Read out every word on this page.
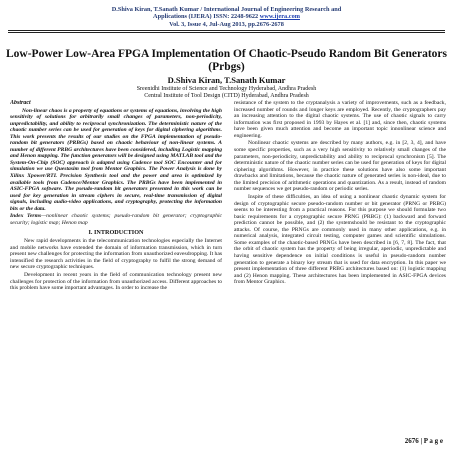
D.Shiva Kiran, T.Sanath Kumar / International Journal of Engineering Research and
Applications (IJERA) ISSN: 2248-9622 www.ijera.com
Vol. 3, Issue 4, Jul-Aug 2013, pp.2676-2678
Low-Power Low-Area FPGA Implementation Of Chaotic-Pseudo Random Bit Generators (Prbgs)
D.Shiva Kiran, T.Sanath Kumar
Sreenidhi Institute of Science and Technology Hyderabad, Andhra Pradesh
Central Institute of Tool Design (CITD) Hyderabad, Andhra Pradesh
Abstract

Non-linear chaos is a property of equations or systems of equations, involving the high sensitivity of solutions for arbitrarily small changes of parameters, non-periodicity, unpredictability, and ability to reciprocal synchronization. The deterministic nature of the chaotic number series can be used for generation of keys for digital ciphering algorithms. This work presents the results of our studies on the FPGA implementation of pseudo-random bit generators (PRBGs) based on chaotic behaviour of non-linear systems. A number of different PRBG architectures have been considered, including Logistic mapping and Henon mapping. The function generators will be designed using MATLAB tool and the System-On-Chip (SOC) approach is adapted using Cadence tool SOC Encounter and for simulation we use Questasim tool from Mentor Graphics. The Power Analysis is done by Xilinx Xpower/RTL Precision Synthesis tool and the power and area is optimized by available tools from Cadence/Mentor Graphics. The PRBGs have been implemented in ASIC-FPGA software. The pseudo-random bit generators presented in this work can be used for key generation in stream ciphers in secure, real-time transmission of digital signals, including audio-video applications, and cryptography, protecting the information bits or the data.

Index Terms—nonlinear chaotic systems; pseudo-random bit generator; cryptographic security; logistic map; Henon map

I. INTRODUCTION

New rapid developments in the telecommunication technologies especially the Internet and mobile networks have extended the domain of information transmission, which in turn present new challenges for protecting the information from unauthorized eavesdropping. It has intensified the research activities in the field of cryptography to fulfil the strong demand of new secure cryptographic techniques.

Development in recent years in the field of communication technology present new challenges for protection of the information from unauthorized access. Different approaches to this problem have some important advantages. In order to increase the

resistance of the system to the cryptanalysis a variety of improvements, such as a feedback, increased number of rounds and longer keys are employed. Recently, the cryptographers pay an increasing attention to the digital chaotic systems. The use of chaotic signals to carry information was first proposed in 1993 by Hayes et al. [1] and, since then, chaotic systems have been given much attention and become an important topic innonlinear science and engineering.

Nonlinear chaotic systems are described by many authors, e.g. in [2, 3, 4], and have some specific properties, such as a very high sensitivity to relatively small changes of the parameters, non-periodicity, unpredictability and ability to reciprocal synchronism [5]. The deterministic nature of the chaotic number series can be used for generation of keys for digital ciphering algorithms. However, in practice these solutions have also some important drawbacks and limitations, because the chaotic nature of generated series is non-ideal, due to the limited precision of arithmetic operations and quantization. As a result, instead of random number sequences we get pseudo-random or periodic series.

Inspite of these difficulties, an idea of using a nonlinear chaotic dynamic system for design of cryptographic secure pseudo-random number or bit generator (PRNG or PRBG) seems to be interesting from a practical reasons. For this purpose we should formulate two basic requirements for a cryptographic secure PRNG (PRBG): (1) backward and forward prediction cannot be possible, and (2) the systemshould be resistant to the cryptographic attacks. Of course, the PRNGs are commonly used in many other applications, e.g. in numerical analysis, integrated circuit testing, computer games and scientific simulations. Some examples of the chaotic-based PRNGs have been described in [6, 7, 8]. The fact, that the orbit of chaotic system has the property of being irregular, aperiodic, unpredictable and having sensitive dependence on initial conditions is useful in pseudo-random number generation to generate a binary key stream that is used for data encryption. In this paper we present implementation of three different PRBG architectures based on: (1) logistic mapping and (2) Henon mapping. These architectures has been implemented in ASIC-FPGA devices from Mentor Graphics.

2676 | P a g e
